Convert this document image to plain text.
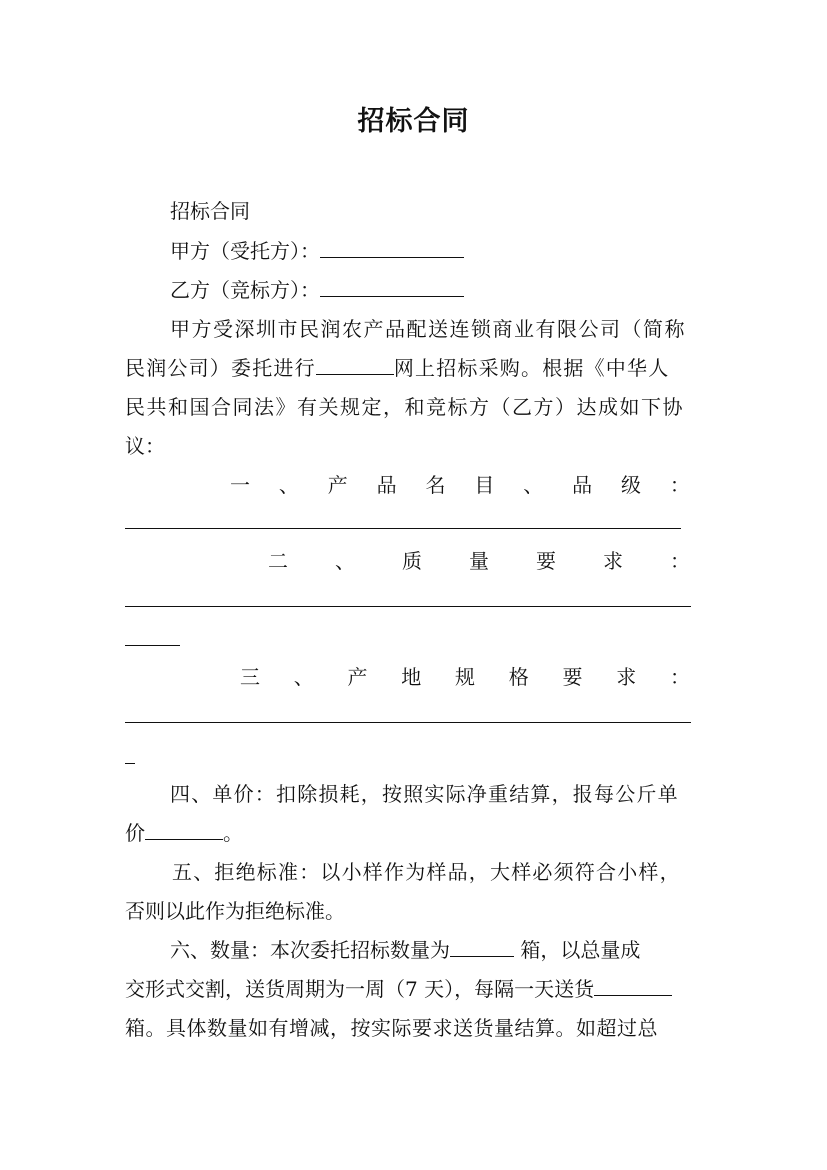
招标合同
招标合同
甲方（受托方）：
乙方（竞标方）：
甲方受深圳市民润农产品配送连锁商业有限公司（简称
民润公司）委托进行	网上招标采购。根据《中华人
民共和国合同法》有关规定，和竞标方（乙方）达成如下协
议：
一 、 产 品 名 目 、 品 级 ：
二 、 质 量 要 求 ：
三 、 产 地 规 格 要 求 ：
四、单价：扣除损耗，按照实际净重结算，报每公斤单
价	。
五、拒绝标准：以小样作为样品，大样必须符合小样，
否则以此作为拒绝标准。
六、数量：本次委托招标数量为	箱，以总量成
交形式交割，送货周期为一周（7 天），每隔一天送货
箱。具体数量如有增减，按实际要求送货量结算。如超过总
